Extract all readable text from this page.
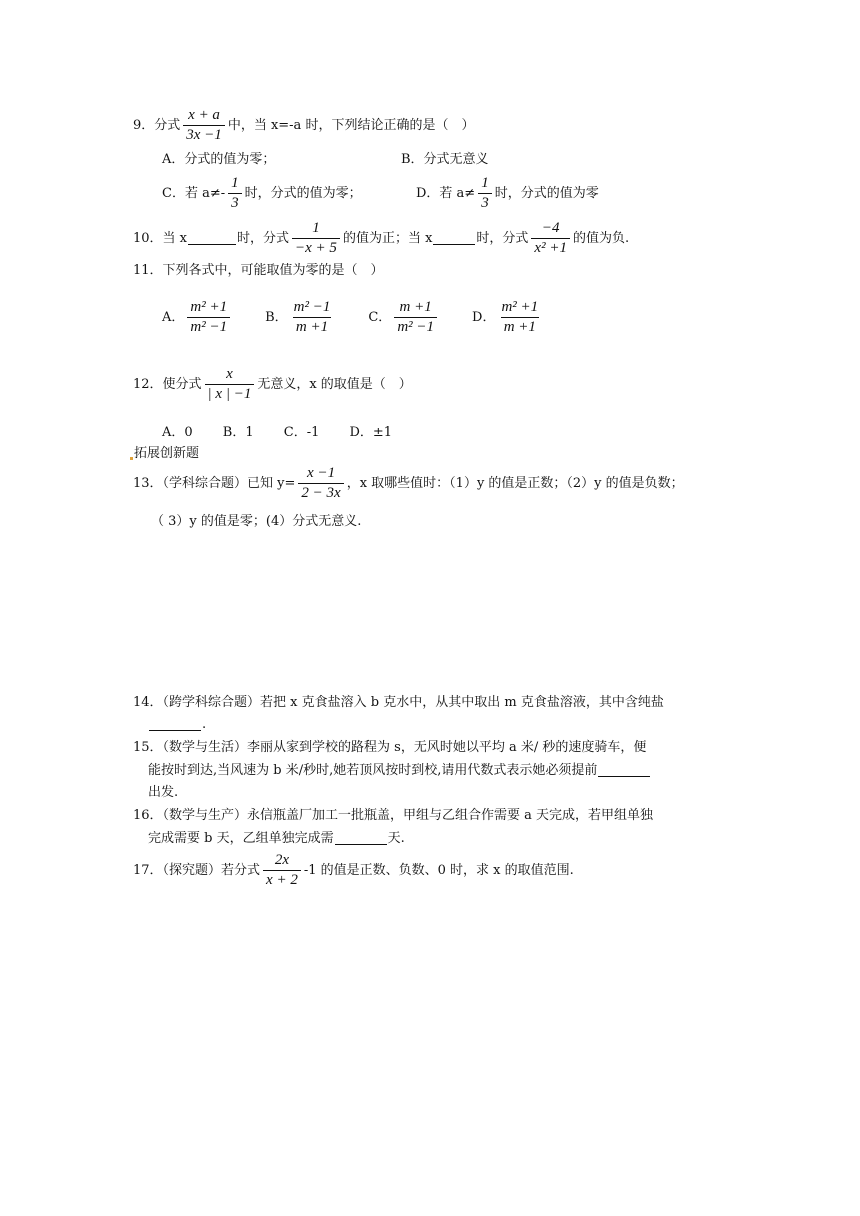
9．分式 $\frac{x + a}{3x -1}$ 中，当 x=-a 时，下列结论正确的是（　）
A．分式的值为零；	B．分式无意义
C．若 $a\ne- \frac{1}{3}$ 时，分式的值为零；	D．若 $a\ne \frac{1}{3}$ 时，分式的值为零
10． 当 x	时，分式 $\frac{1}{-x + 5}$ 的值为正；当 x	时，分式 $\frac{-4}{\text{x² +1}}$ 的值为负.
11．下列各式中，可能取值为零的是（　）
A． $\frac{\text{m² +1}}{\text{m² −1}}$	B． $\frac{\text{m² −1}}{m +1}$	C． $\frac{m +1}{\text{m² −1}}$	D． $\frac{\text{m² +1}}{m +1}$
12．使分式 $\frac{x}{| x | -1}$ 无意义，x 的取值是（　）
A．0　　 B．1　　 C．-1　　 D．±1
拓展创新题
13．（学科综合题）已知 $y= \frac{x -1}{2 - 3x}$ ，x 取哪些值时：（1）y 的值是正数；（2）y 的值是负数；
（ 3）y 的值是零；(4）分式无意义.
14．（跨学科综合题）若把 x 克食盐溶入 b 克水中，从其中取出 m 克食盐溶液，其中含纯盐
.
15．（数学与生活）李丽从家到学校的路程为 s，无风时她以平均 a 米/ 秒的速度骑车，便
能按时到达,当风速为 b 米/秒时,她若顶风按时到校,请用代数式表示她必须提前
出发.
16．（数学与生产）永信瓶盖厂加工一批瓶盖，甲组与乙组合作需要 a 天完成，若甲组单独
完成需要 b 天，乙组单独完成需	天.
17．（探究题）若分式 $\frac{2x}{x + 2} -1$ 的值是正数、负数、0 时，求 x 的取值范围.
